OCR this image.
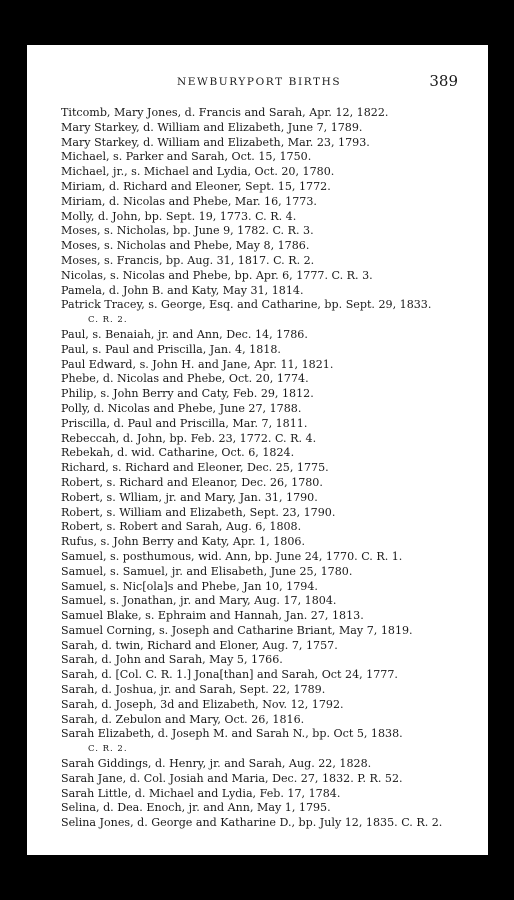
NEWBURYPORT BIRTHS	389
Titcomb, Mary Jones, d. Francis and Sarah, Apr. 12, 1822.
Mary Starkey, d. William and Elizabeth, June 7, 1789.
Mary Starkey, d. William and Elizabeth, Mar. 23, 1793.
Michael, s. Parker and Sarah, Oct. 15, 1750.
Michael, jr., s. Michael and Lydia, Oct. 20, 1780.
Miriam, d. Richard and Eleoner, Sept. 15, 1772.
Miriam, d. Nicolas and Phebe, Mar. 16, 1773.
Molly, d. John, bp. Sept. 19, 1773. C. R. 4.
Moses, s. Nicholas, bp. June 9, 1782. C. R. 3.
Moses, s. Nicholas and Phebe, May 8, 1786.
Moses, s. Francis, bp. Aug. 31, 1817. C. R. 2.
Nicolas, s. Nicolas and Phebe, bp. Apr. 6, 1777. C. R. 3.
Pamela, d. John B. and Katy, May 31, 1814.
Patrick Tracey, s. George, Esq. and Catharine, bp. Sept. 29, 1833.
C. R. 2.
Paul, s. Benaiah, jr. and Ann, Dec. 14, 1786.
Paul, s. Paul and Priscilla, Jan. 4, 1818.
Paul Edward, s. John H. and Jane, Apr. 11, 1821.
Phebe, d. Nicolas and Phebe, Oct. 20, 1774.
Philip, s. John Berry and Caty, Feb. 29, 1812.
Polly, d. Nicolas and Phebe, June 27, 1788.
Priscilla, d. Paul and Priscilla, Mar. 7, 1811.
Rebeccah, d. John, bp. Feb. 23, 1772. C. R. 4.
Rebekah, d. wid. Catharine, Oct. 6, 1824.
Richard, s. Richard and Eleoner, Dec. 25, 1775.
Robert, s. Richard and Eleanor, Dec. 26, 1780.
Robert, s. Wlliam, jr. and Mary, Jan. 31, 1790.
Robert, s. William and Elizabeth, Sept. 23, 1790.
Robert, s. Robert and Sarah, Aug. 6, 1808.
Rufus, s. John Berry and Katy, Apr. 1, 1806.
Samuel, s. posthumous, wid. Ann, bp. June 24, 1770. C. R. 1.
Samuel, s. Samuel, jr. and Elisabeth, June 25, 1780.
Samuel, s. Nic[ola]s and Phebe, Jan 10, 1794.
Samuel, s. Jonathan, jr. and Mary, Aug. 17, 1804.
Samuel Blake, s. Ephraim and Hannah, Jan. 27, 1813.
Samuel Corning, s. Joseph and Catharine Briant, May 7, 1819.
Sarah, d. twin, Richard and Eloner, Aug. 7, 1757.
Sarah, d. John and Sarah, May 5, 1766.
Sarah, d. [Col. C. R. 1.] Jona[than] and Sarah, Oct 24, 1777.
Sarah, d. Joshua, jr. and Sarah, Sept. 22, 1789.
Sarah, d. Joseph, 3d and Elizabeth, Nov. 12, 1792.
Sarah, d. Zebulon and Mary, Oct. 26, 1816.
Sarah Elizabeth, d. Joseph M. and Sarah N., bp. Oct 5, 1838.
C. R. 2.
Sarah Giddings, d. Henry, jr. and Sarah, Aug. 22, 1828.
Sarah Jane, d. Col. Josiah and Maria, Dec. 27, 1832. P. R. 52.
Sarah Little, d. Michael and Lydia, Feb. 17, 1784.
Selina, d. Dea. Enoch, jr. and Ann, May 1, 1795.
Selina Jones, d. George and Katharine D., bp. July 12, 1835. C. R. 2.
